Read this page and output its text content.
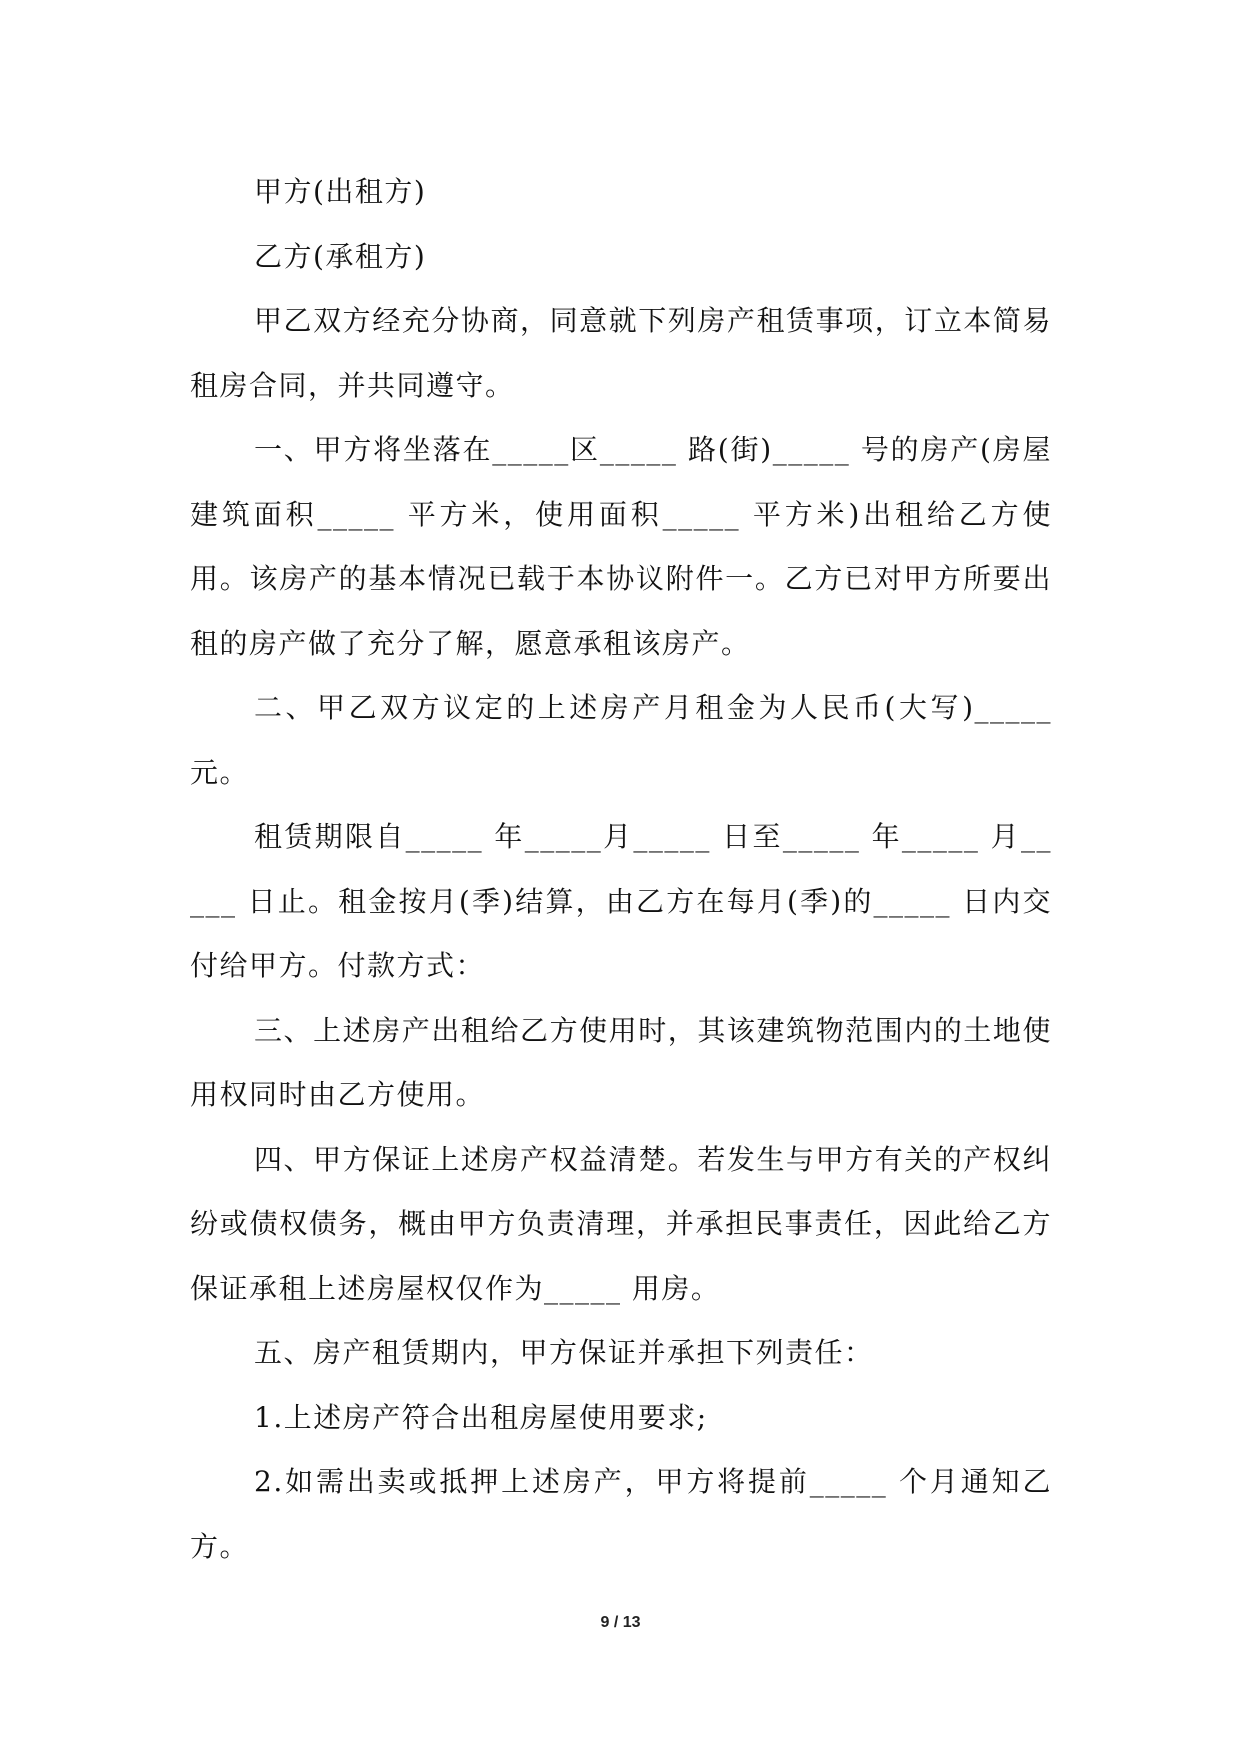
甲方(出租方)

乙方(承租方)

甲乙双方经充分协商，同意就下列房产租赁事项，订立本简易租房合同，并共同遵守。

一、甲方将坐落在_____区_____ 路(街)_____ 号的房产(房屋建筑面积_____ 平方米，使用面积_____ 平方米)出租给乙方使用。该房产的基本情况已载于本协议附件一。乙方已对甲方所要出租的房产做了充分了解，愿意承租该房产。

二、甲乙双方议定的上述房产月租金为人民币(大写)_____元。

租赁期限自_____ 年_____月_____ 日至_____ 年_____ 月_____ 日止。租金按月(季)结算，由乙方在每月(季)的_____ 日内交付给甲方。付款方式：

三、上述房产出租给乙方使用时，其该建筑物范围内的土地使用权同时由乙方使用。

四、甲方保证上述房产权益清楚。若发生与甲方有关的产权纠纷或债权债务，概由甲方负责清理，并承担民事责任，因此给乙方保证承租上述房屋权仅作为_____ 用房。

五、房产租赁期内，甲方保证并承担下列责任：

1.上述房产符合出租房屋使用要求;

2.如需出卖或抵押上述房产，甲方将提前_____ 个月通知乙方。

9 / 13
